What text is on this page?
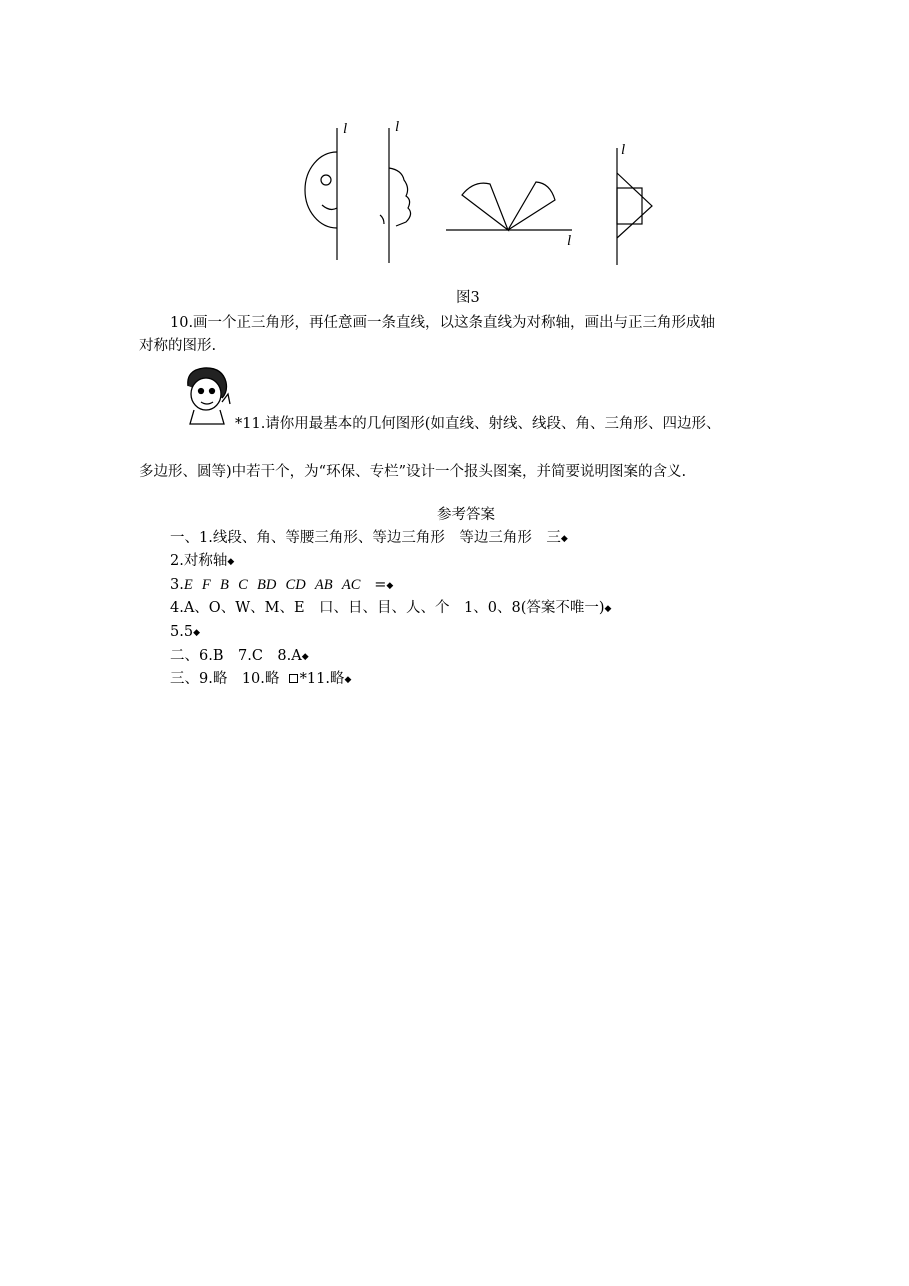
l	l
l
l
图3
10.画一个正三角形，再任意画一条直线，以这条直线为对称轴，画出与正三角形成轴
对称的图形.
*11.请你用最基本的几何图形(如直线、射线、线段、角、三角形、四边形、
多边形、圆等)中若干个，为“环保、专栏”设计一个报头图案，并简要说明图案的含义.
参考答案
一、1.线段、角、等腰三角形、等边三角形　等边三角形　三◆
2.对称轴◆
3.E F B C BD CD AB AC =◆
4.A、O、W、M、E　口、日、目、人、个　1、0、8(答案不唯一)◆
5.5◆
二、6.B　7.C　8.A◆
三、9.略　10.略 *11.略◆
